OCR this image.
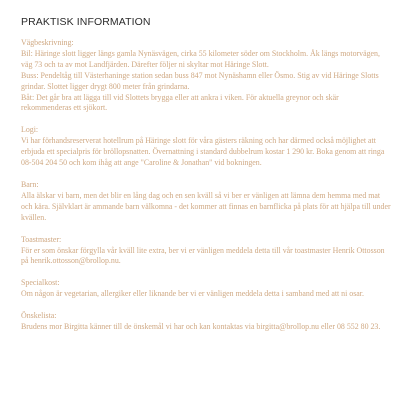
PRAKTISK INFORMATION
Vägbeskrivning:
Bil: Häringe slott ligger längs gamla Nynäsvägen, cirka 55 kilometer söder om Stockholm. Åk längs motorvägen, väg 73 och ta av mot Landfjärden. Därefter följer ni skyltar mot Häringe Slott.
Buss: Pendeltåg till Västerhaninge station sedan buss 847 mot Nynäshamn eller Ösmo. Stig av vid Häringe Slotts grindar. Slottet ligger drygt 800 meter från grindarna.
Båt: Det går bra att lägga till vid Slottets brygga eller att ankra i viken. För aktuella greynor och skär rekommenderas ett sjökort.
Logi:
Vi har förhandsreserverat hotellrum på Häringe slott för våra gästers räkning och har därmed också möjlighet att erbjuda ett specialpris för bröllopsnatten. Övernattning i standard dubbelrum kostar 1 290 kr. Boka genom att ringa 08-504 204 50 och kom ihåg att ange "Caroline & Jonathan" vid bokningen.
Barn:
Alla älskar vi barn, men det blir en lång dag och en sen kväll så vi ber er vänligen att lämna dem hemma med mat och kära. Självklart är ammande barn välkomna - det kommer att finnas en barnflicka på plats för att hjälpa till under kvällen.
Toastmaster:
För er som önskar förgylla vår kväll lite extra, ber vi er vänligen meddela detta till vår toastmaster Henrik Ottosson på henrik.ottosson@brollop.nu.
Specialkost:
Om någon är vegetarian, allergiker eller liknande ber vi er vänligen meddela detta i samband med att ni osar.
Önskelista:
Brudens mor Birgitta känner till de önskemål vi har och kan kontaktas via birgitta@brollop.nu eller 08 552 80 23.
